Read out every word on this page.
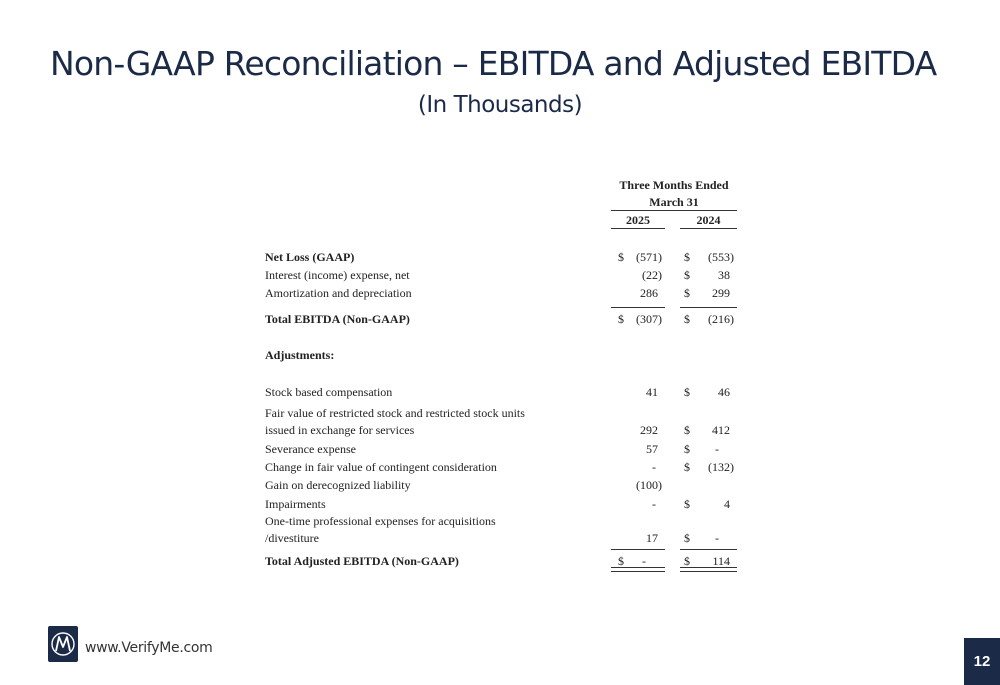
Non-GAAP Reconciliation – EBITDA and Adjusted EBITDA
(In Thousands)
Three Months Ended
March 31
2025	2024
Net Loss (GAAP)	$	(571) $	(553)
Interest (income) expense, net	(22) $	38
Amortization and depreciation	286 $	299
Total EBITDA (Non-GAAP)	$	(307) $	(216)
Adjustments:
Stock based compensation	41 $	46
Fair value of restricted stock and restricted stock units
issued in exchange for services	292 $	412
Severance expense	57 $ -
Change in fair value of contingent consideration	- $	(132)
Gain on derecognized liability	(100)
Impairments	- $	4
One-time professional expenses for acquisitions
/divestiture	17 $ -
Total Adjusted EBITDA (Non-GAAP)	$ -	$	114
www.VerifyMe.com
12
